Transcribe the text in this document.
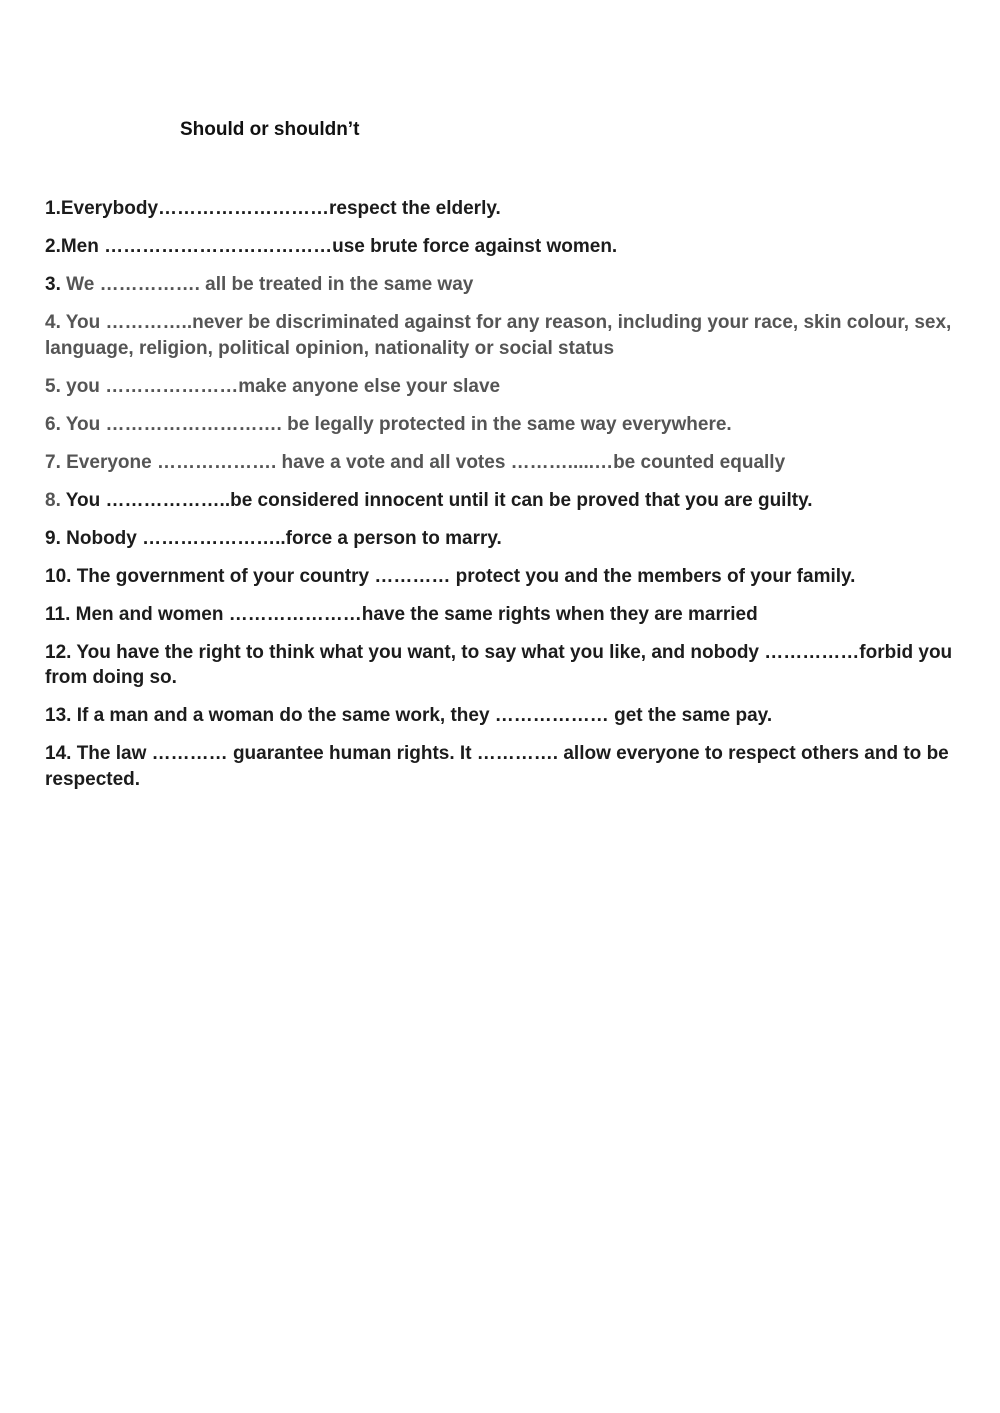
Should or shouldn’t
1.Everybody………………………respect the elderly.
2.Men ………………………………use brute force against women.
3. We ……………. all be treated in the same way
4. You …………..never be discriminated against for any reason, including your race, skin colour, sex, language, religion, political opinion, nationality or social status
5. you …………………make anyone else your slave
6. You ………………………. be legally protected in the same way everywhere.
7. Everyone ………………. have a vote and all votes ……….....…be counted equally
8. You ………………..be considered innocent until it can be proved that you are guilty.
9. Nobody …………………..force a person to marry.
10. The government of your country ………… protect you and the members of your family.
11. Men and women …………………have the same rights when they are married
12. You have the right to think what you want, to say what you like, and nobody ……………forbid you from doing so.
13. If a man and a woman do the same work, they ……………… get the same pay.
14. The law ………… guarantee human rights. It …………. allow everyone to respect others and to be respected.
